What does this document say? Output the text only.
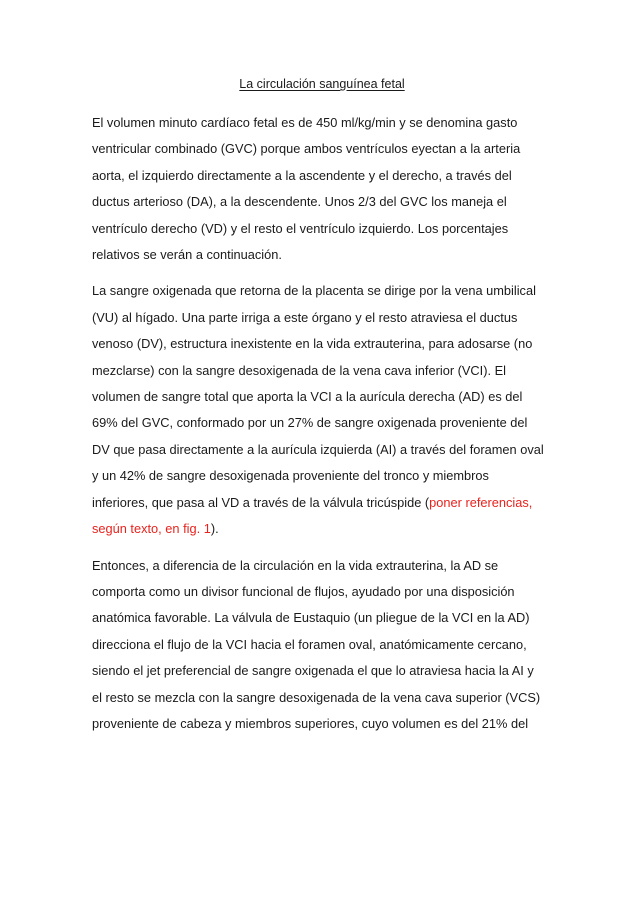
La circulación sanguínea fetal

El volumen minuto cardíaco fetal es de 450 ml/kg/min y se denomina gasto
ventricular combinado (GVC) porque ambos ventrículos eyectan a la arteria
aorta, el izquierdo directamente a la ascendente y el derecho, a través del
ductus arterioso (DA), a la descendente. Unos 2/3 del GVC los maneja el
ventrículo derecho (VD) y el resto el ventrículo izquierdo. Los porcentajes
relativos se verán a continuación.

La sangre oxigenada que retorna de la placenta se dirige por la vena umbilical
(VU) al hígado. Una parte irriga a este órgano y el resto atraviesa el ductus
venoso (DV), estructura inexistente en la vida extrauterina, para adosarse (no
mezclarse) con la sangre desoxigenada de la vena cava inferior (VCI). El
volumen de sangre total que aporta la VCI a la aurícula derecha (AD) es del
69% del GVC, conformado por un 27% de sangre oxigenada proveniente del
DV que pasa directamente a la aurícula izquierda (AI) a través del foramen oval
y un 42% de sangre desoxigenada proveniente del tronco y miembros
inferiores, que pasa al VD a través de la válvula tricúspide (poner referencias,
según texto, en fig. 1).

Entonces, a diferencia de la circulación en la vida extrauterina, la AD se
comporta como un divisor funcional de flujos, ayudado por una disposición
anatómica favorable. La válvula de Eustaquio (un pliegue de la VCI en la AD)
direcciona el flujo de la VCI hacia el foramen oval, anatómicamente cercano,
siendo el jet preferencial de sangre oxigenada el que lo atraviesa hacia la AI y
el resto se mezcla con la sangre desoxigenada de la vena cava superior (VCS)
proveniente de cabeza y miembros superiores, cuyo volumen es del 21% del
